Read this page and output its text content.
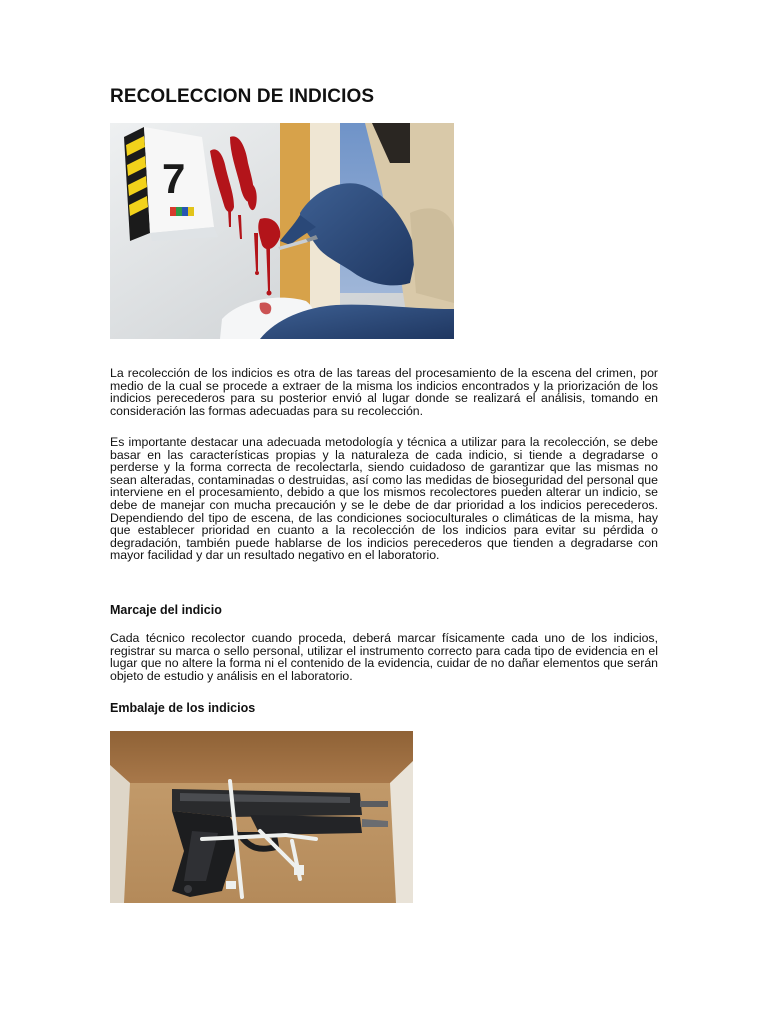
RECOLECCION DE INDICIOS
7

La recolección de los indicios es otra de las tareas del procesamiento de la escena del crimen, por medio de la cual se procede a extraer de la misma los indicios encontrados y la priorización de los indicios perecederos para su posterior envió al lugar donde se realizará el análisis, tomando en consideración las formas adecuadas para su recolección.

Es importante destacar una adecuada metodología y técnica a utilizar para la recolección, se debe basar en las características propias y la naturaleza de cada indicio, si tiende a degradarse o perderse y la forma correcta de recolectarla, siendo cuidadoso de garantizar que las mismas no sean alteradas, contaminadas o destruidas, así como las medidas de bioseguridad del personal que interviene en el procesamiento, debido a que los mismos recolectores pueden alterar un indicio, se debe de manejar con mucha precaución y se le debe de dar prioridad a los indicios perecederos. Dependiendo del tipo de escena, de las condiciones socioculturales o climáticas de la misma, hay que establecer prioridad en cuanto a la recolección de los indicios para evitar su pérdida o degradación, también puede hablarse de los indicios perecederos que tienden a degradarse con mayor facilidad y dar un resultado negativo en el laboratorio.

Marcaje del indicio

Cada técnico recolector cuando proceda, deberá marcar físicamente cada uno de los indicios, registrar su marca o sello personal, utilizar el instrumento correcto para cada tipo de evidencia en el lugar que no altere la forma ni el contenido de la evidencia, cuidar de no dañar elementos que serán objeto de estudio y análisis en el laboratorio.

Embalaje de los indicios
